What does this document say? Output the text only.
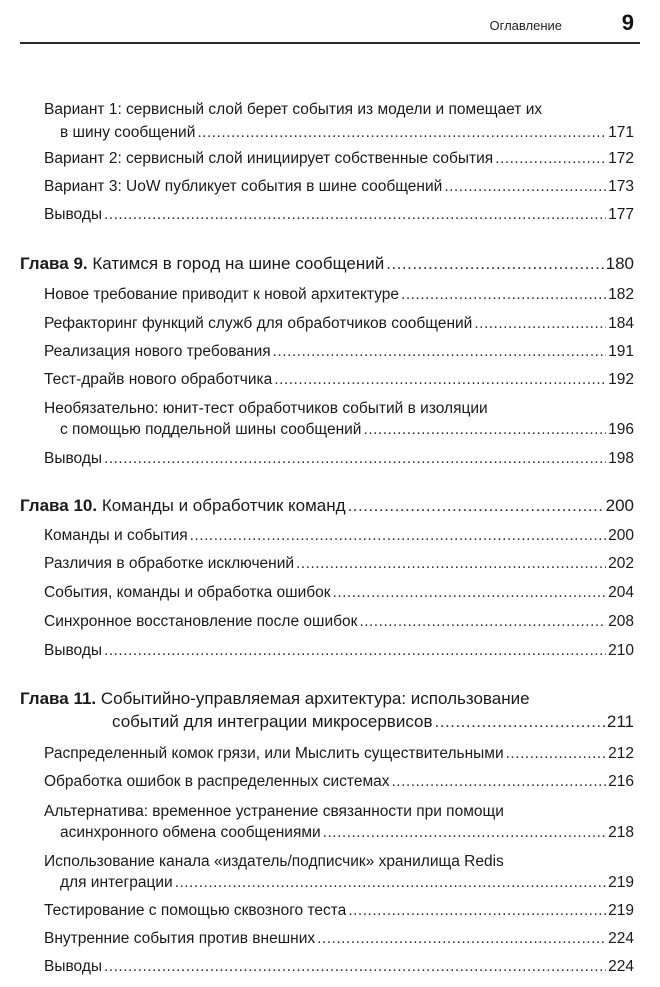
Оглавление	9
Вариант 1: сервисный слой берет события из модели и помещает их
в шину сообщений .....	171
Вариант 2: сервисный слой инициирует собственные события .....	172
Вариант 3: UoW публикует события в шине сообщений .....	173
Выводы .....	177
Глава 9. Катимся в город на шине сообщений .....	180
Новое требование приводит к новой архитектуре .....	182
Рефакторинг функций служб для обработчиков сообщений .....	184
Реализация нового требования .....	191
Тест-драйв нового обработчика .....	192
Необязательно: юнит-тест обработчиков событий в изоляции
с помощью поддельной шины сообщений .....	196
Выводы .....	198
Глава 10. Команды и обработчик команд .....	200
Команды и события .....	200
Различия в обработке исключений .....	202
События, команды и обработка ошибок .....	204
Синхронное восстановление после ошибок .....	208
Выводы .....	210
Глава 11. Событийно-управляемая архитектура: использование
событий для интеграции микросервисов .....	211
Распределенный комок грязи, или Мыслить существительными .....	212
Обработка ошибок в распределенных системах .....	216
Альтернатива: временное устранение связанности при помощи
асинхронного обмена сообщениями .....	218
Использование канала «издатель/подписчик» хранилища Redis
для интеграции .....	219
Тестирование с помощью сквозного теста .....	219
Внутренние события против внешних .....	224
Выводы .....	224
